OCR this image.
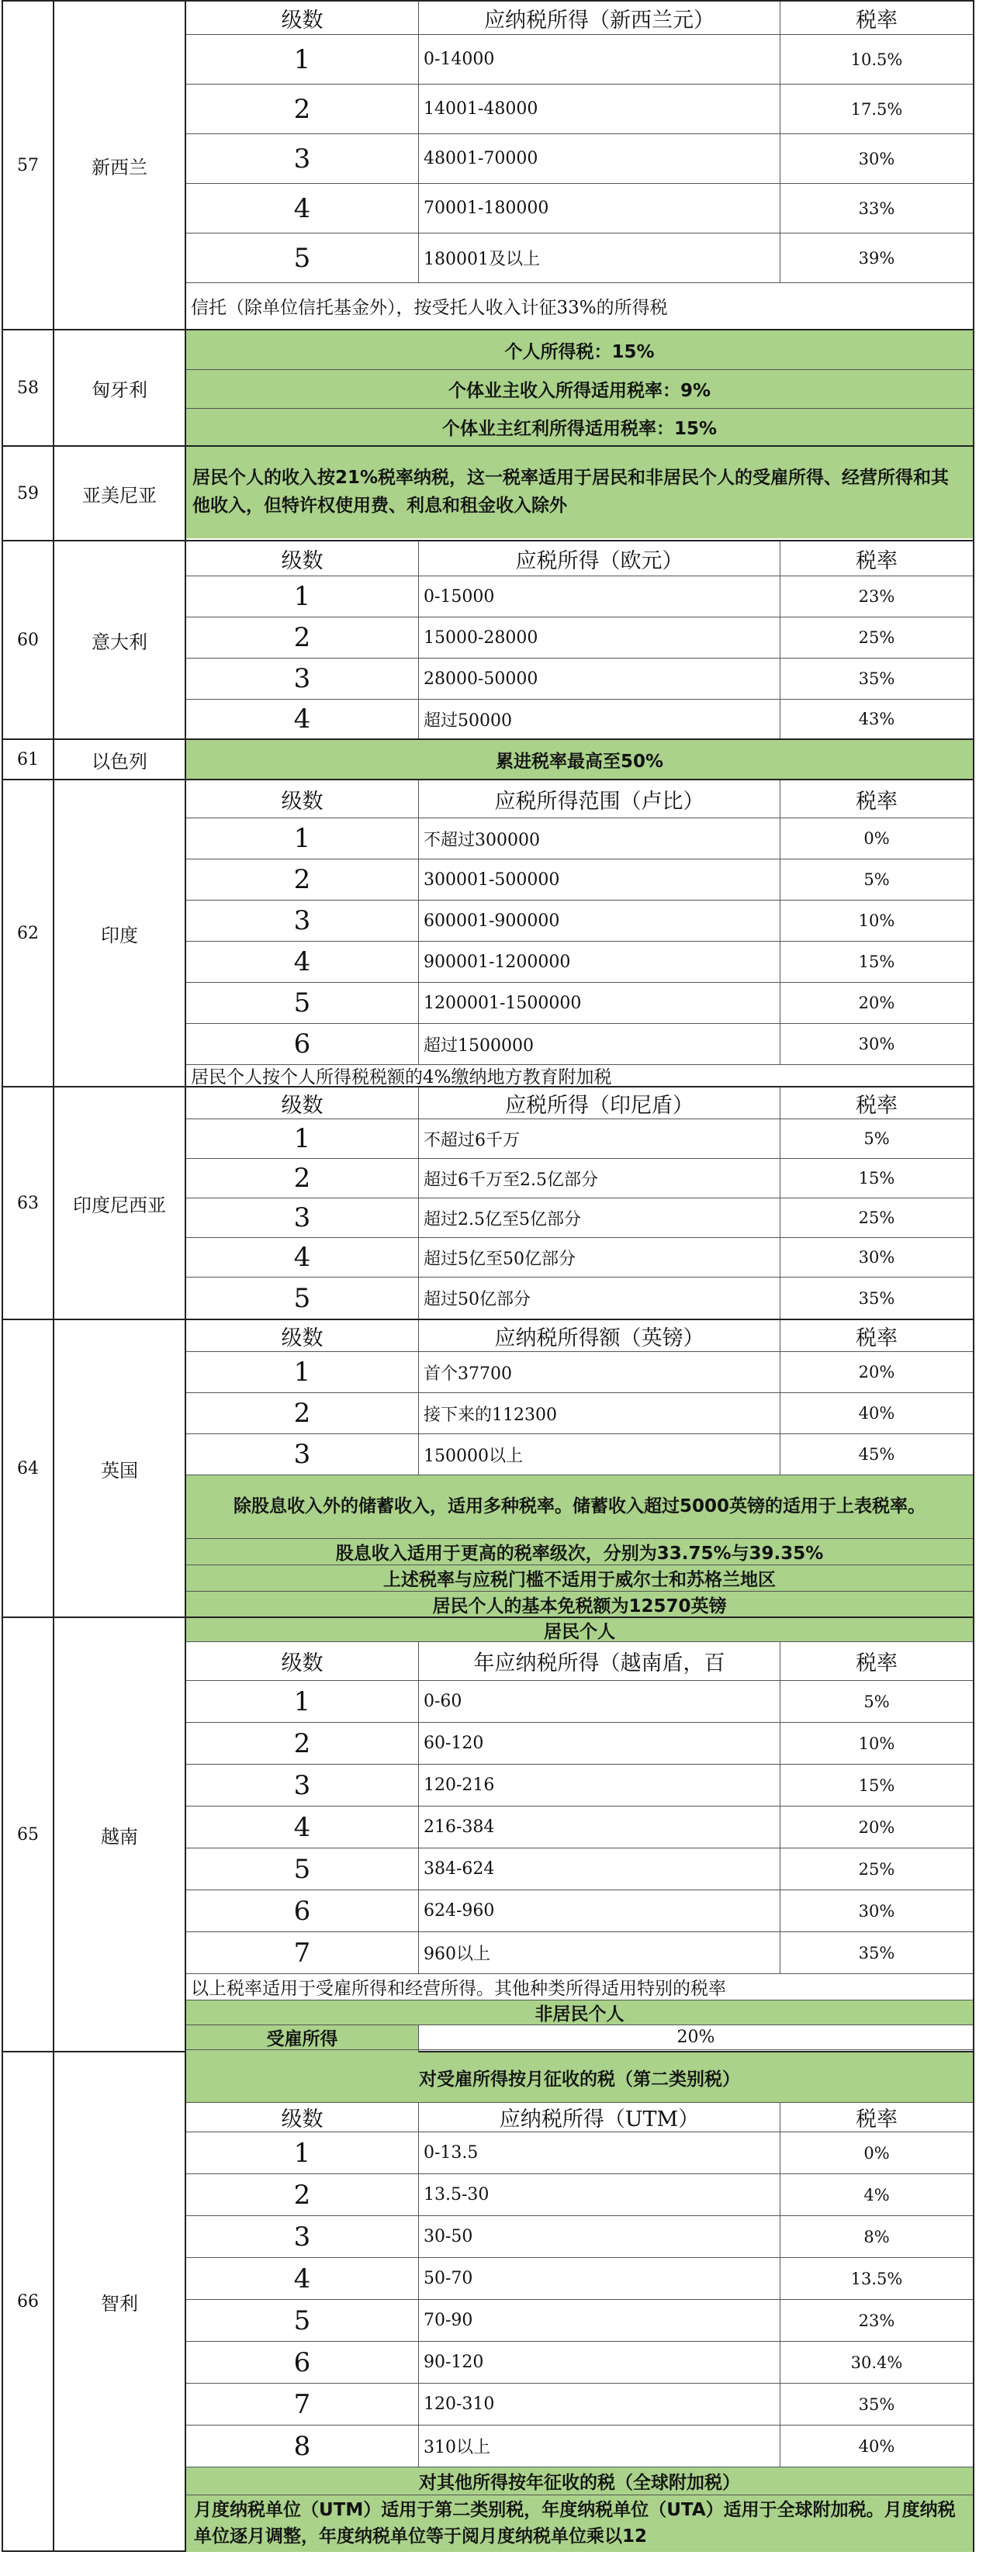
57	新西兰
级数	应纳税所得（新西兰元）	税率
1	0-14000	10.5%
2	14001-48000	17.5%
3	48001-70000	30%
4	70001-180000	33%
5	180001及以上	39%
信托（除单位信托基金外），按受托人收入计征33%的所得税
58	匈牙利
个人所得税：15%
个体业主收入所得适用税率：9%
个体业主红利所得适用税率：15%
59	亚美尼亚
居民个人的收入按21%税率纳税，这一税率适用于居民和非居民个人的受雇所得、经营所得和其他收入，但特许权使用费、利息和租金收入除外
60	意大利
级数	应税所得（欧元）	税率
1	0-15000	23%
2	15000-28000	25%
3	28000-50000	35%
4	超过50000	43%
61	以色列	累进税率最高至50%
62	印度
级数	应税所得范围（卢比）	税率
1	不超过300000	0%
2	300001-500000	5%
3	600001-900000	10%
4	900001-1200000	15%
5	1200001-1500000	20%
6	超过1500000	30%
居民个人按个人所得税税额的4%缴纳地方教育附加税
63	印度尼西亚
级数	应税所得（印尼盾）	税率
1	不超过6千万	5%
2	超过6千万至2.5亿部分	15%
3	超过2.5亿至5亿部分	25%
4	超过5亿至50亿部分	30%
5	超过50亿部分	35%
64	英国
级数	应纳税所得额（英镑）	税率
1	首个37700	20%
2	接下来的112300	40%
3	150000以上	45%
除股息收入外的储蓄收入，适用多种税率。储蓄收入超过5000英镑的适用于上表税率。
股息收入适用于更高的税率级次，分别为33.75%与39.35%
上述税率与应税门槛不适用于威尔士和苏格兰地区
居民个人的基本免税额为12570英镑
65	越南
居民个人
级数	年应纳税所得（越南盾，百	税率
1	0-60	5%
2	60-120	10%
3	120-216	15%
4	216-384	20%
5	384-624	25%
6	624-960	30%
7	960以上	35%
以上税率适用于受雇所得和经营所得。其他种类所得适用特别的税率
非居民个人
受雇所得	20%
66	智利
对受雇所得按月征收的税（第二类别税）
级数	应纳税所得（UTM）	税率
1	0-13.5	0%
2	13.5-30	4%
3	30-50	8%
4	50-70	13.5%
5	70-90	23%
6	90-120	30.4%
7	120-310	35%
8	310以上	40%
对其他所得按年征收的税（全球附加税）
月度纳税单位（UTM）适用于第二类别税，年度纳税单位（UTA）适用于全球附加税。月度纳税单位逐月调整，年度纳税单位等于阅月度纳税单位乘以12
